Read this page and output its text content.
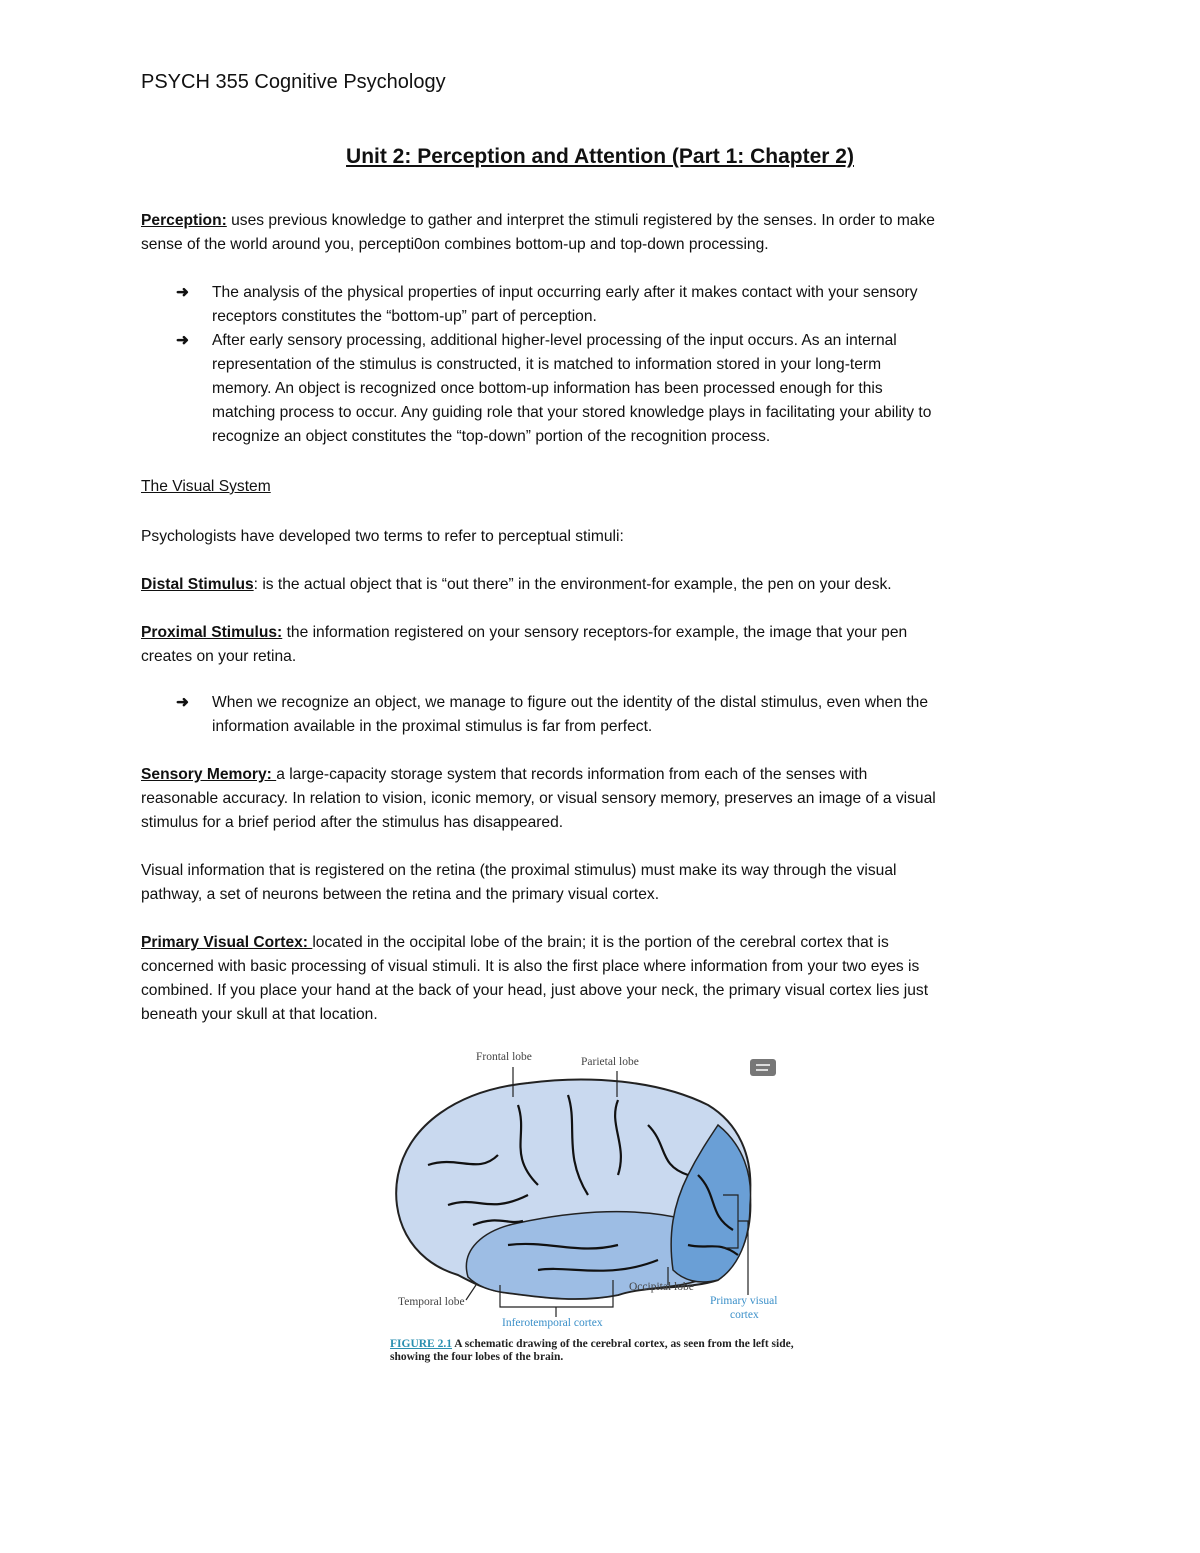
PSYCH 355 Cognitive Psychology
Unit 2: Perception and Attention (Part 1: Chapter 2)
Perception: uses previous knowledge to gather and interpret the stimuli registered by the senses. In order to make
sense of the world around you, percepti0on combines bottom-up and top-down processing.
➜ The analysis of the physical properties of input occurring early after it makes contact with your sensory
receptors constitutes the “bottom-up” part of perception.
➜ After early sensory processing, additional higher-level processing of the input occurs. As an internal
representation of the stimulus is constructed, it is matched to information stored in your long-term
memory. An object is recognized once bottom-up information has been processed enough for this
matching process to occur. Any guiding role that your stored knowledge plays in facilitating your ability to
recognize an object constitutes the “top-down” portion of the recognition process.
The Visual System
Psychologists have developed two terms to refer to perceptual stimuli:
Distal Stimulus: is the actual object that is “out there” in the environment-for example, the pen on your desk.
Proximal Stimulus: the information registered on your sensory receptors-for example, the image that your pen
creates on your retina.
➜ When we recognize an object, we manage to figure out the identity of the distal stimulus, even when the
information available in the proximal stimulus is far from perfect.
Sensory Memory: a large-capacity storage system that records information from each of the senses with
reasonable accuracy. In relation to vision, iconic memory, or visual sensory memory, preserves an image of a visual
stimulus for a brief period after the stimulus has disappeared.
Visual information that is registered on the retina (the proximal stimulus) must make its way through the visual
pathway, a set of neurons between the retina and the primary visual cortex.
Primary Visual Cortex: located in the occipital lobe of the brain; it is the portion of the cerebral cortex that is
concerned with basic processing of visual stimuli. It is also the first place where information from your two eyes is
combined. If you place your hand at the back of your head, just above your neck, the primary visual cortex lies just
beneath your skull at that location.
Frontal lobe	Parietal lobe
Temporal lobe
Occipital lobe
Inferotemporal cortex
Primary visual
cortex
FIGURE 2.1 A schematic drawing of the cerebral cortex, as seen from the left side, showing the four lobes of the brain.
